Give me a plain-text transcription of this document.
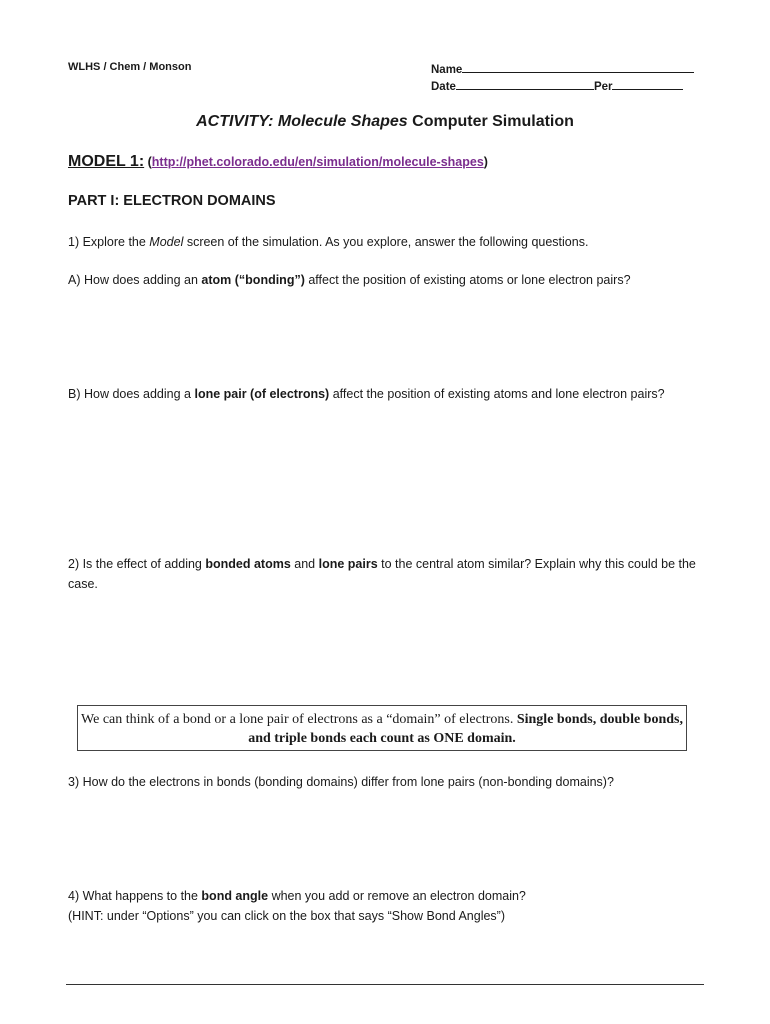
WLHS / Chem / Monson	Name
Date	Per
ACTIVITY: Molecule Shapes Computer Simulation
MODEL 1: (http://phet.colorado.edu/en/simulation/molecule-shapes)
PART I: ELECTRON DOMAINS
1) Explore the Model screen of the simulation. As you explore, answer the following questions.
A) How does adding an atom (“bonding”) affect the position of existing atoms or lone electron pairs?
B) How does adding a lone pair (of electrons) affect the position of existing atoms and lone electron pairs?
2) Is the effect of adding bonded atoms and lone pairs to the central atom similar? Explain why this could be the case.
We can think of a bond or a lone pair of electrons as a “domain” of electrons. Single bonds, double bonds, and triple bonds each count as ONE domain.
3) How do the electrons in bonds (bonding domains) differ from lone pairs (non-bonding domains)?
4) What happens to the bond angle when you add or remove an electron domain?
(HINT: under “Options” you can click on the box that says “Show Bond Angles”)
